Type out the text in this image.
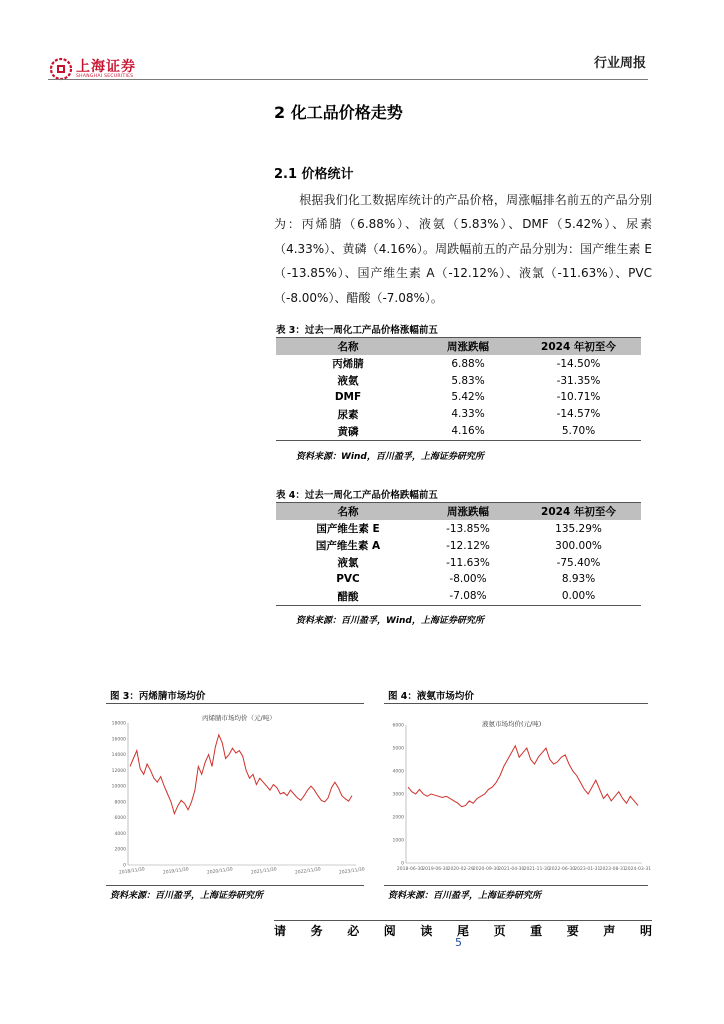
上海证券
SHANGHAI SECURITIES
行业周报
2 化工品价格走势
2.1 价格统计
根据我们化工数据库统计的产品价格，周涨幅排名前五的产品分别为：丙烯腈（6.88%）、液氨（5.83%）、DMF（5.42%）、尿素（4.33%）、黄磷（4.16%）。周跌幅前五的产品分别为：国产维生素 E（-13.85%）、国产维生素 A（-12.12%）、液氯（-11.63%）、PVC（-8.00%）、醋酸（-7.08%）。
表 3：过去一周化工产品价格涨幅前五
名称	周涨跌幅	2024 年初至今
丙烯腈	6.88%	-14.50%
液氨	5.83%	-31.35%
DMF	5.42%	-10.71%
尿素	4.33%	-14.57%
黄磷	4.16%	5.70%
资料来源：Wind，百川盈孚，上海证券研究所
表 4：过去一周化工产品价格跌幅前五
名称	周涨跌幅	2024 年初至今
国产维生素 E	-13.85%	135.29%
国产维生素 A	-12.12%	300.00%
液氯	-11.63%	-75.40%
PVC	-8.00%	8.93%
醋酸	-7.08%	0.00%
资料来源：百川盈孚，Wind，上海证券研究所
图 3：丙烯腈市场均价
丙烯腈市场均价（元/吨）
0
2000
4000
6000
8000
10000
12000
14000
16000
18000
2018/11/30	2019/11/30	2020/11/30	2021/11/30	2022/11/30	2023/11/30
资料来源：百川盈孚，上海证券研究所
图 4：液氨市场均价
液氨市场均价(元/吨)
0
1000
2000
3000
4000
5000
6000
2018-06-30 2019-06-30 2020-02-29 2020-09-30 2021-04-30 2021-11-30 2022-06-30 2023-01-31 2023-08-31 2024-03-31
资料来源：百川盈孚，上海证券研究所
请 务 必 阅 读 尾 页 重 要 声 明
5
